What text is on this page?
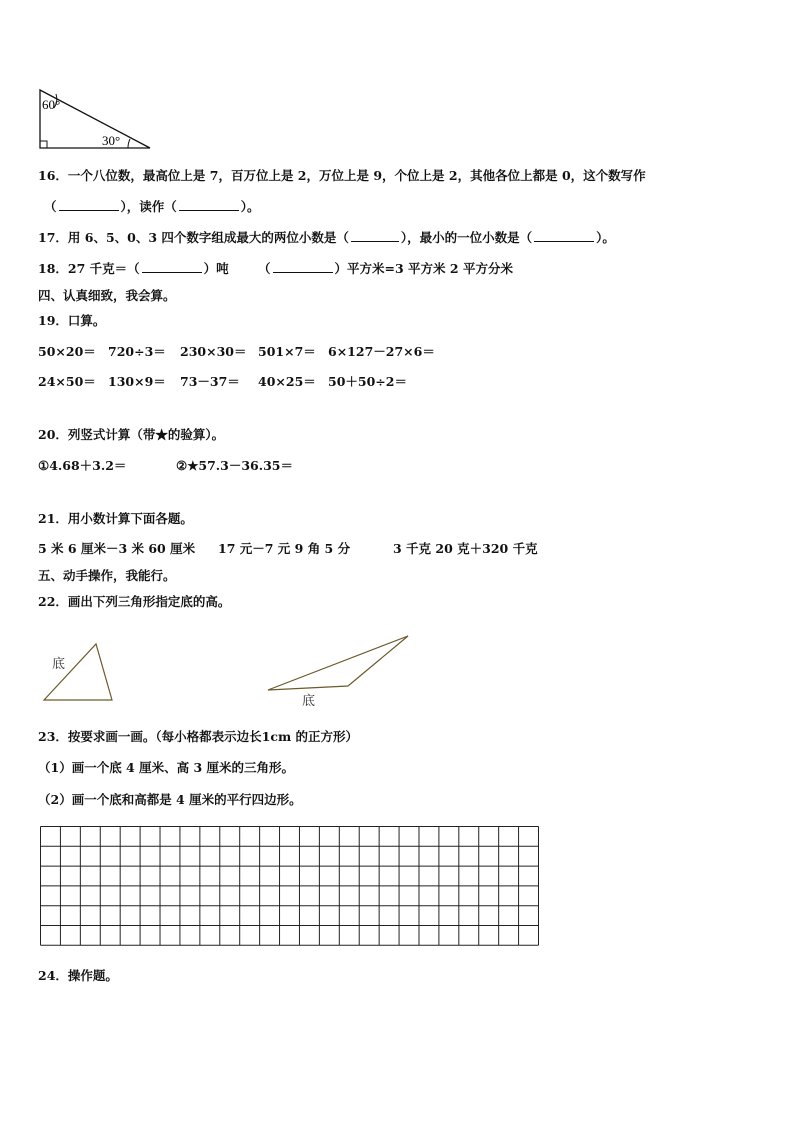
60°
30°
16．一个八位数，最高位上是 7，百万位上是 2，万位上是 9，个位上是 2，其他各位上都是 0，这个数写作
（	），读作（	）。
17．用 6、5、0、3 四个数字组成最大的两位小数是（	），最小的一位小数是（	）。
18．27 千克＝（	）吨 （	）平方米=3 平方米 2 平方分米
四、认真细致，我会算。
19．口算。
50×20＝ 720÷3＝ 230×30＝ 501×7＝ 6×127－27×6＝
24×50＝ 130×9＝ 73－37＝ 40×25＝ 50＋50÷2＝
20．列竖式计算（带★的验算）。
①4.68＋3.2＝	②★57.3－36.35＝
21．用小数计算下面各题。
5 米 6 厘米－3 米 60 厘米 17 元－7 元 9 角 5 分	3 千克 20 克＋320 千克
五、动手操作，我能行。
22．画出下列三角形指定底的高。
底
底
23．按要求画一画。（每小格都表示边长1cm 的正方形）
（1）画一个底 4 厘米、高 3 厘米的三角形。
（2）画一个底和高都是 4 厘米的平行四边形。
24．操作题。
